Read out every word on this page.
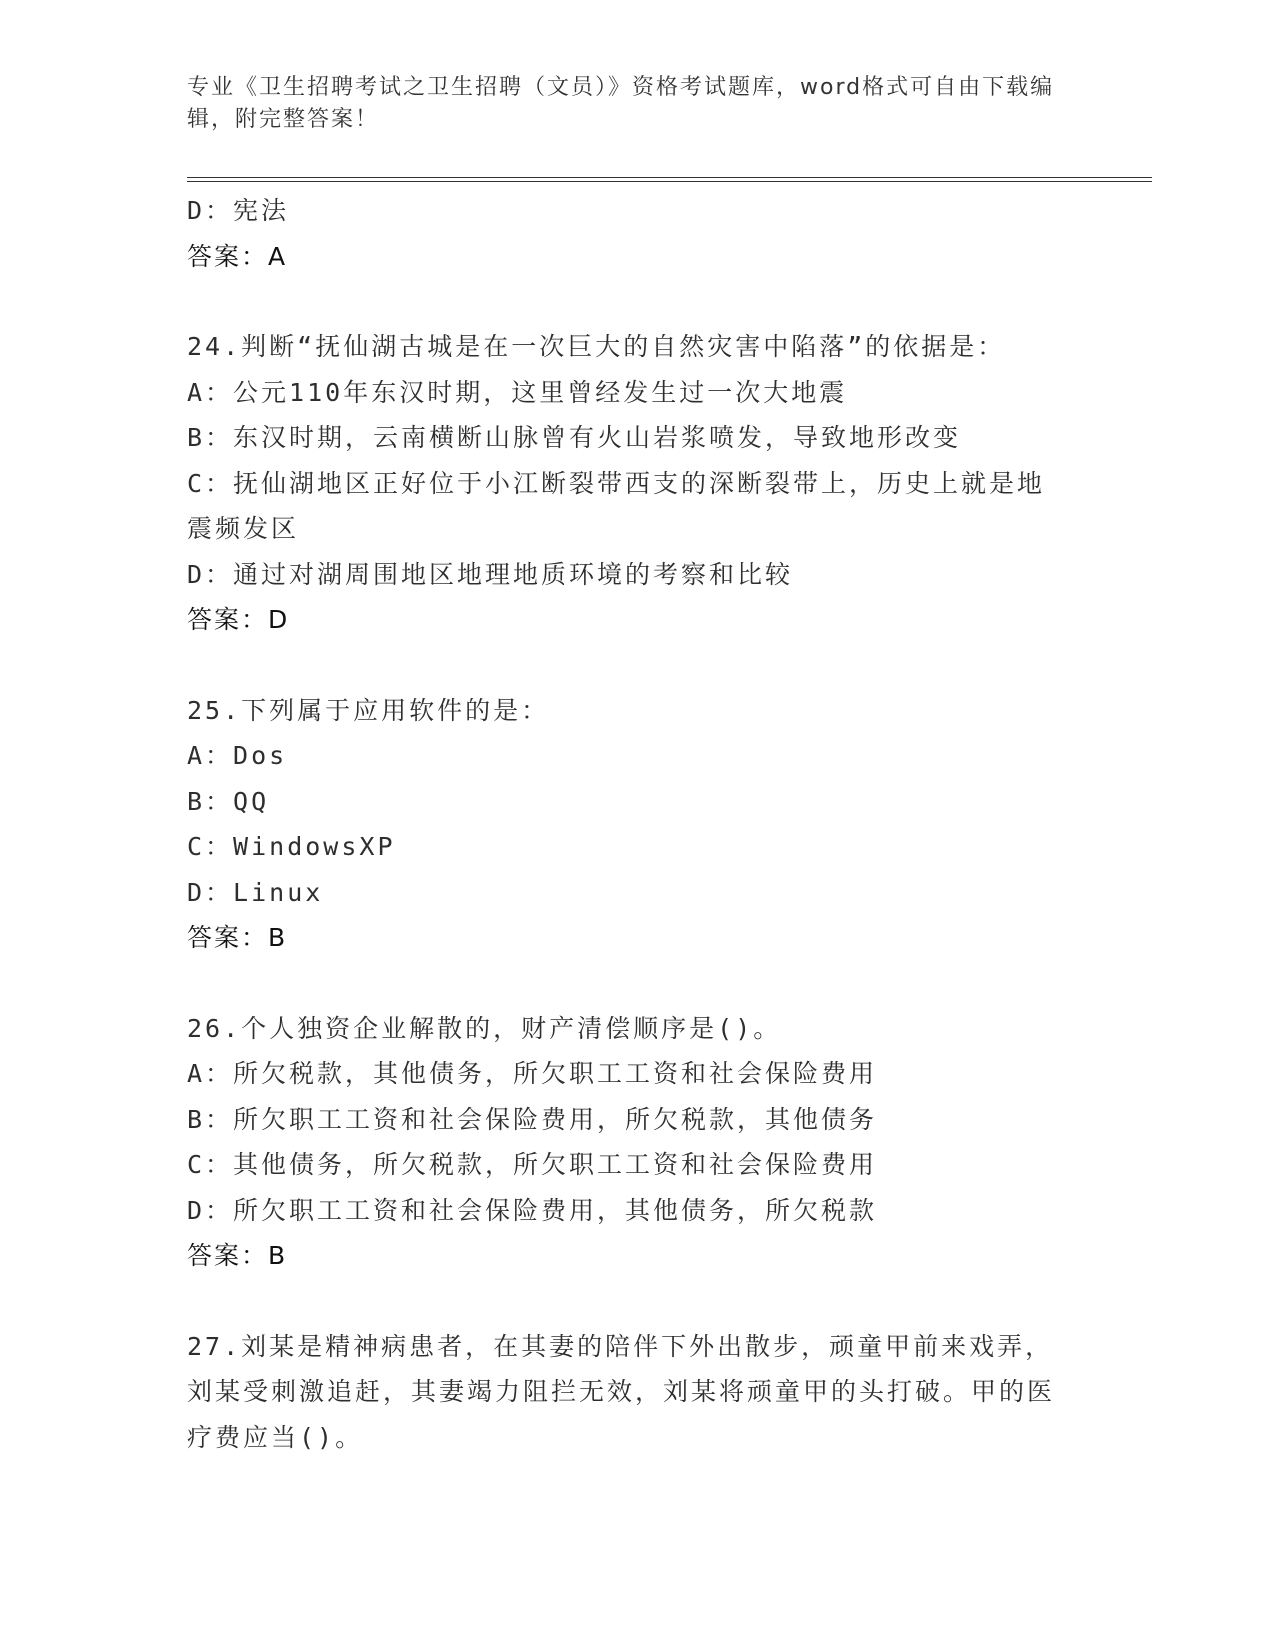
专业《卫生招聘考试之卫生招聘（文员）》资格考试题库，word格式可自由下载编辑，附完整答案！
D：宪法
答案：A
24.判断“抚仙湖古城是在一次巨大的自然灾害中陷落”的依据是：
A：公元110年东汉时期，这里曾经发生过一次大地震
B：东汉时期，云南横断山脉曾有火山岩浆喷发，导致地形改变
C：抚仙湖地区正好位于小江断裂带西支的深断裂带上，历史上就是地震频发区
D：通过对湖周围地区地理地质环境的考察和比较
答案：D
25.下列属于应用软件的是：
A：Dos
B：QQ
C：WindowsXP
D：Linux
答案：B
26.个人独资企业解散的，财产清偿顺序是()。
A：所欠税款，其他债务，所欠职工工资和社会保险费用
B：所欠职工工资和社会保险费用，所欠税款，其他债务
C：其他债务，所欠税款，所欠职工工资和社会保险费用
D：所欠职工工资和社会保险费用，其他债务，所欠税款
答案：B
27.刘某是精神病患者，在其妻的陪伴下外出散步，顽童甲前来戏弄，刘某受刺激追赶，其妻竭力阻拦无效，刘某将顽童甲的头打破。甲的医疗费应当()。
